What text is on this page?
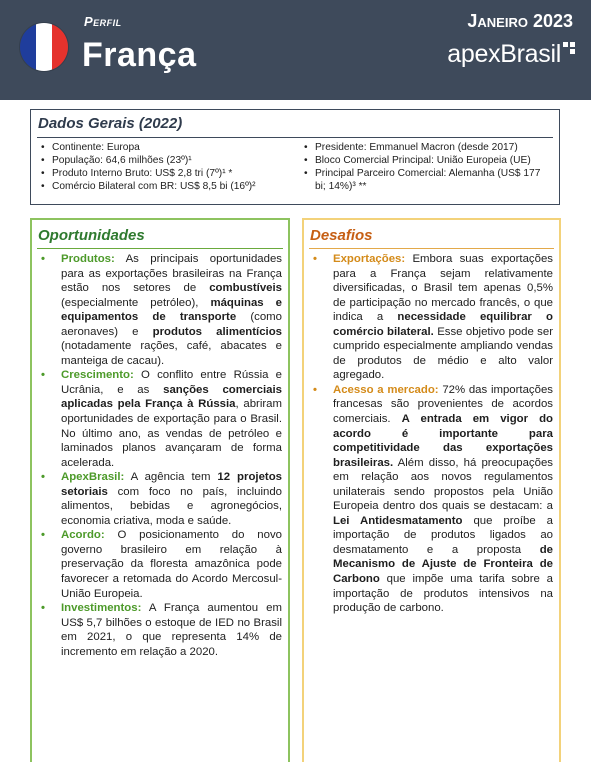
Perfil
França
Janeiro 2023
apexBrasil
Dados Gerais (2022)
• Continente: Europa
• População: 64,6 milhões (23º)¹
• Produto Interno Bruto: US$ 2,8 tri (7º)¹ *
• Comércio Bilateral com BR: US$ 8,5 bi (16º)²
• Presidente: Emmanuel Macron (desde 2017)
• Bloco Comercial Principal: União Europeia (UE)
• Principal Parceiro Comercial: Alemanha (US$ 177 bi; 14%)³ **
Oportunidades
• Produtos: As principais oportunidades para as exportações brasileiras na França estão nos setores de combustíveis (especialmente petróleo), máquinas e equipamentos de transporte (como aeronaves) e produtos alimentícios (notadamente rações, café, abacates e manteiga de cacau).
• Crescimento: O conflito entre Rússia e Ucrânia, e as sanções comerciais aplicadas pela França à Rússia, abriram oportunidades de exportação para o Brasil. No último ano, as vendas de petróleo e laminados planos avançaram de forma acelerada.
• ApexBrasil: A agência tem 12 projetos setoriais com foco no país, incluindo alimentos, bebidas e agronegócios, economia criativa, moda e saúde.
• Acordo: O posicionamento do novo governo brasileiro em relação à preservação da floresta amazônica pode favorecer a retomada do Acordo Mercosul-União Europeia.
• Investimentos: A França aumentou em US$ 5,7 bilhões o estoque de IED no Brasil em 2021, o que representa 14% de incremento em relação a 2020.
Desafios
• Exportações: Embora suas exportações para a França sejam relativamente diversificadas, o Brasil tem apenas 0,5% de participação no mercado francês, o que indica a necessidade equilibrar o comércio bilateral. Esse objetivo pode ser cumprido especialmente ampliando vendas de produtos de médio e alto valor agregado.
• Acesso a mercado: 72% das importações francesas são provenientes de acordos comerciais. A entrada em vigor do acordo é importante para competitividade das exportações brasileiras. Além disso, há preocupações em relação aos novos regulamentos unilaterais sendo propostos pela União Europeia dentro dos quais se destacam: a Lei Antidesmatamento que proíbe a importação de produtos ligados ao desmatamento e a proposta de Mecanismo de Ajuste de Fronteira de Carbono que impõe uma tarifa sobre a importação de produtos intensivos na produção de carbono.
